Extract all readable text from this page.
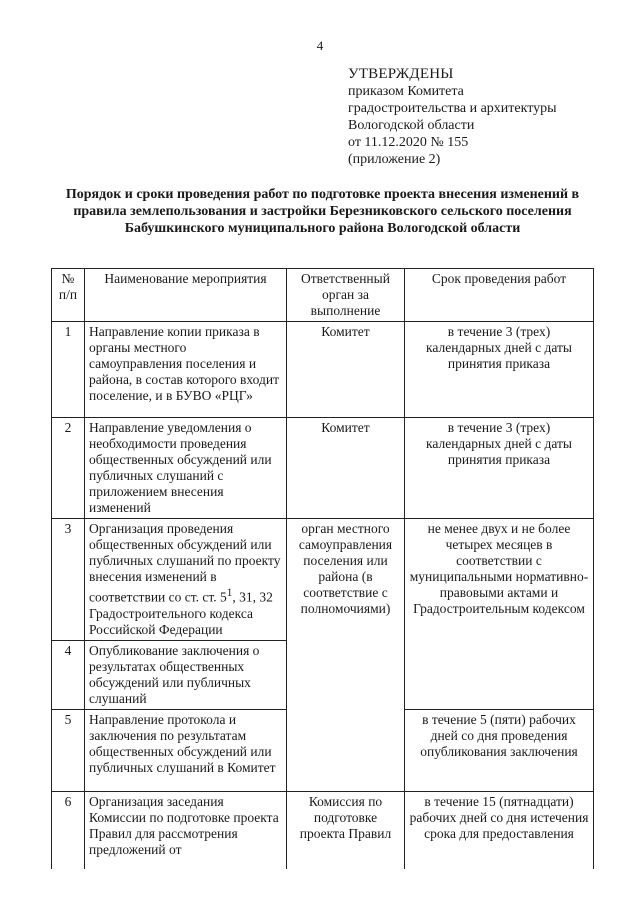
4
УТВЕРЖДЕНЫ
приказом Комитета
градостроительства и архитектуры
Вологодской области
от 11.12.2020 № 155
(приложение 2)
Порядок и сроки проведения работ по подготовке проекта внесения изменений в правила землепользования и застройки Березниковского сельского поселения Бабушкинского муниципального района Вологодской области
№ п/п	Наименование мероприятия	Ответственный орган за выполнение	Срок проведения работ
1	Направление копии приказа в органы местного самоуправления поселения и района, в состав которого входит поселение, и в БУВО «РЦГ»	Комитет	в течение 3 (трех) календарных дней с даты принятия приказа
2	Направление уведомления о необходимости проведения общественных обсуждений или публичных слушаний с приложением внесения изменений	Комитет	в течение 3 (трех) календарных дней с даты принятия приказа
3	Организация проведения общественных обсуждений или публичных слушаний по проекту внесения изменений в соответствии со ст. ст. $5^1$, 31, 32 Градостроительного кодекса Российской Федерации	орган местного самоуправления поселения или района (в соответствие с полномочиями)	не менее двух и не более четырех месяцев в соответствии с муниципальными нормативно-правовыми актами и Градостроительным кодексом
4	Опубликование заключения о результатах общественных обсуждений или публичных слушаний		
5	Направление протокола и заключения по результатам общественных обсуждений или публичных слушаний в Комитет		в течение 5 (пяти) рабочих дней со дня проведения опубликования заключения
6	Организация заседания Комиссии по подготовке проекта Правил для рассмотрения предложений от	Комиссия по подготовке проекта Правил	в течение 15 (пятнадцати) рабочих дней со дня истечения срока для предоставления
